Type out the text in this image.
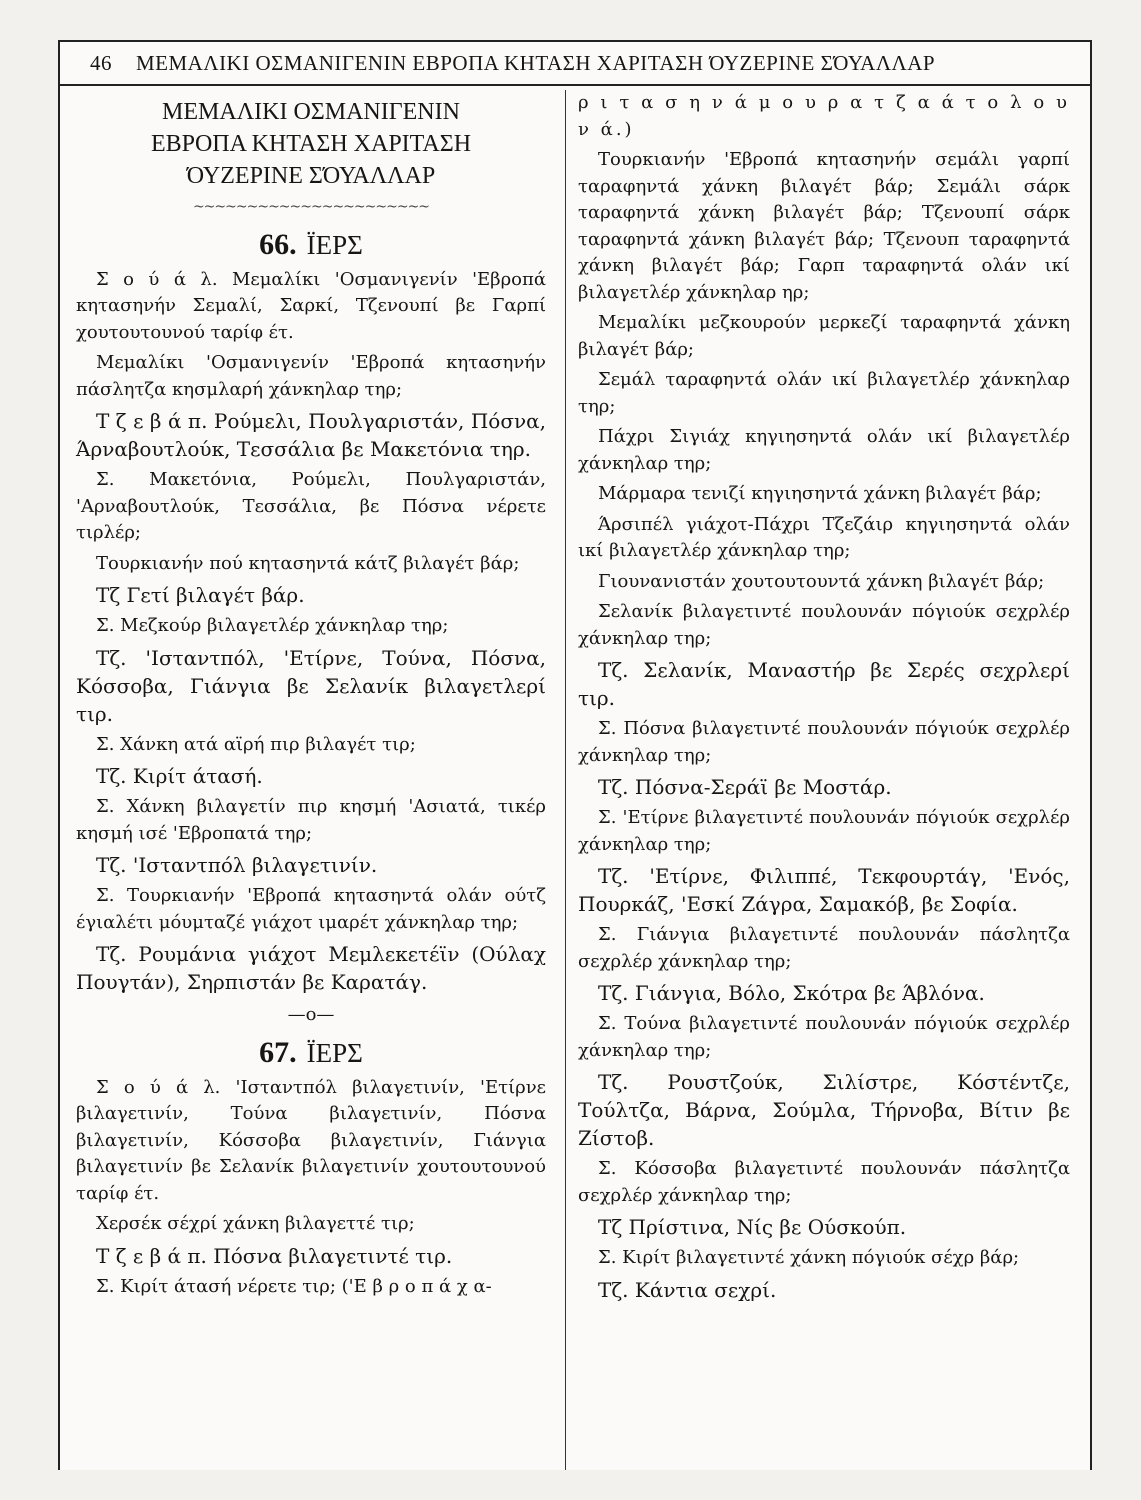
46 ΜΕΜΑΛΙΚΙ ΟΣΜΑΝΙΓΕΝΙΝ ΕΒΡΟΠΑ ΚΗΤΑΣΗ ΧΑΡΙΤΑΣΗ ΌΥΖΕΡΙΝΕ ΣΌΥΑΛΛΑΡ
ΜΕΜΑΛΙΚΙ ΟΣΜΑΝΙΓΕΝΙΝ
ΕΒΡΟΠΑ ΚΗΤΑΣΗ ΧΑΡΙΤΑΣΗ
ΌΥΖΕΡΙΝΕ ΣΌΥΑΛΛΑΡ
~~~~~~~~~~~~~~~~~~~~~~
66. ΪΕΡΣ

Σ ο ύ ά λ. Μεμαλίκι 'Οσμανιγενίν 'Εβροπά κητασηνήν Σεμαλί, Σαρκί, Τζενουπί βε Γαρπί χουτουτουνού ταρίφ έτ.

Μεμαλίκι 'Οσμανιγενίν 'Εβροπά κητασηνήν πάσλητζα κησμλαρή χάνκηλαρ τηρ;

Τ ζ ε β ά π. Ρούμελι, Πουλγαριστάν, Πόσνα, Άρναβουτλούκ, Τεσσάλια βε Μακετόνια τηρ.

Σ. Μακετόνια, Ρούμελι, Πουλγαριστάν, 'Αρναβουτλούκ, Τεσσάλια, βε Πόσνα νέρετε τιρλέρ;

Τουρκιανήν πού κητασηντά κάτζ βιλαγέτ βάρ;

Τζ Γετί βιλαγέτ βάρ.

Σ. Μεζκούρ βιλαγετλέρ χάνκηλαρ τηρ;

Τζ. 'Ισταντπόλ, 'Ετίρνε, Τούνα, Πόσνα, Κόσσοβα, Γιάνγια βε Σελανίκ βιλαγετλερί τιρ.

Σ. Χάνκη ατά αϊρή πιρ βιλαγέτ τιρ;

Τζ. Κιρίτ άτασή.

Σ. Χάνκη βιλαγετίν πιρ κησμή 'Ασιατά, τικέρ κησμή ισέ 'Εβροπατά τηρ;

Τζ. 'Ισταντπόλ βιλαγετινίν.

Σ. Τουρκιανήν 'Εβροπά κητασηντά ολάν ούτζ έγιαλέτι μόυμταζέ γιάχοτ ιμαρέτ χάνκηλαρ τηρ;

Τζ. Ρουμάνια γιάχοτ Μεμλεκετέϊν (Ούλαχ Πουγτάν), Σηρπιστάν βε Καρατάγ.

—o—
67. ΪΕΡΣ

Σ ο ύ ά λ. 'Ισταντπόλ βιλαγετινίν, 'Ετίρνε βιλαγετινίν, Τούνα βιλαγετινίν, Πόσνα βιλαγετινίν, Κόσσοβα βιλαγετινίν, Γιάνγια βιλαγετινίν βε Σελανίκ βιλαγετινίν χουτουτουνού ταρίφ έτ.

Χερσέκ σέχρί χάνκη βιλαγεττέ τιρ;

Τ ζ ε β ά π. Πόσνα βιλαγετιντέ τιρ.

Σ. Κιρίτ άτασή νέρετε τιρ; ('Ε β ρ ο π ά χ α-

ρ ι τ α σ η ν ά μ ο υ ρ α τ ζ α ά τ ο λ ο υ ν ά.)

Τουρκιανήν 'Εβροπά κητασηνήν σεμάλι γαρπί ταραφηντά χάνκη βιλαγέτ βάρ; Σεμάλι σάρκ ταραφηντά χάνκη βιλαγέτ βάρ; Τζενουπί σάρκ ταραφηντά χάνκη βιλαγέτ βάρ; Τζενουπ ταραφηντά χάνκη βιλαγέτ βάρ; Γαρπ ταραφηντά ολάν ικί βιλαγετλέρ χάνκηλαρ ηρ;

Μεμαλίκι μεζκουρούν μερκεζί ταραφηντά χάνκη βιλαγέτ βάρ;

Σεμάλ ταραφηντά ολάν ικί βιλαγετλέρ χάνκηλαρ τηρ;

Πάχρι Σιγιάχ κηγιησηντά ολάν ικί βιλαγετλέρ χάνκηλαρ τηρ;

Μάρμαρα τενιζί κηγιησηντά χάνκη βιλαγέτ βάρ;

Άρσιπέλ γιάχοτ-Πάχρι Τζεζάιρ κηγιησηντά ολάν ικί βιλαγετλέρ χάνκηλαρ τηρ;

Γιουνανιστάν χουτουτουντά χάνκη βιλαγέτ βάρ;

Σελανίκ βιλαγετιντέ πουλουνάν πόγιούκ σεχρλέρ χάνκηλαρ τηρ;

Τζ. Σελανίκ, Μαναστήρ βε Σερές σεχρλερί τιρ.

Σ. Πόσνα βιλαγετιντέ πουλουνάν πόγιούκ σεχρλέρ χάνκηλαρ τηρ;

Τζ. Πόσνα-Σεράϊ βε Μοστάρ.

Σ. 'Ετίρνε βιλαγετιντέ πουλουνάν πόγιούκ σεχρλέρ χάνκηλαρ τηρ;

Τζ. 'Ετίρνε, Φιλιππέ, Τεκφουρτάγ, 'Ενός, Πουρκάζ, 'Εσκί Ζάγρα, Σαμακόβ, βε Σοφία.

Σ. Γιάνγια βιλαγετιντέ πουλουνάν πάσλητζα σεχρλέρ χάνκηλαρ τηρ;

Τζ. Γιάνγια, Βόλο, Σκότρα βε Άβλόνα.

Σ. Τούνα βιλαγετιντέ πουλουνάν πόγιούκ σεχρλέρ χάνκηλαρ τηρ;

Τζ. Ρουστζούκ, Σιλίστρε, Κόστέντζε, Τούλτζα, Βάρνα, Σούμλα, Τήρνοβα, Βίτιν βε Ζίστοβ.

Σ. Κόσσοβα βιλαγετιντέ πουλουνάν πάσλητζα σεχρλέρ χάνκηλαρ τηρ;

Τζ Πρίστινα, Νίς βε Ούσκούπ.

Σ. Κιρίτ βιλαγετιντέ χάνκη πόγιούκ σέχρ βάρ;

Τζ. Κάντια σεχρί.
